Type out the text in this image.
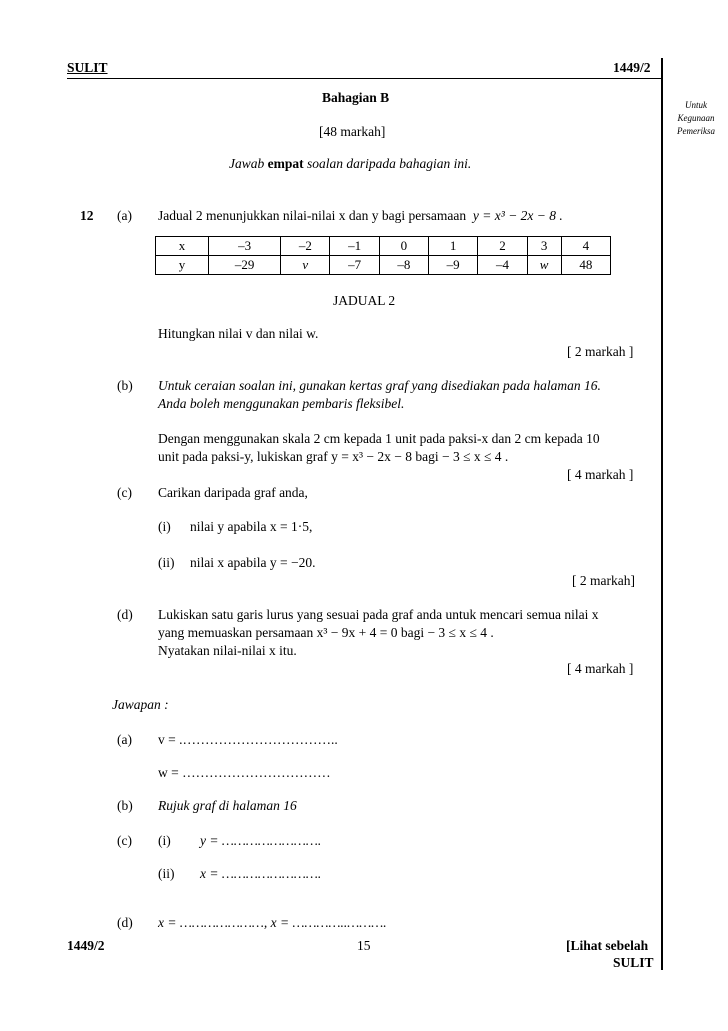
SULIT	1449/2
Untuk
Kegunaan
Pemeriksa
Bahagian B
[48 markah]
Jawab empat soalan daripada bahagian ini.
12 (a) Jadual 2 menunjukkan nilai-nilai x dan y bagi persamaan y = x³ − 2x − 8 .
x	–3	–2	–1	0	1	2	3	4
y	–29	v	–7	–8	–9	–4	w	48
JADUAL 2
Hitungkan nilai v dan nilai w.
[ 2 markah ]
(b) Untuk ceraian soalan ini, gunakan kertas graf yang disediakan pada halaman 16.
Anda boleh menggunakan pembaris fleksibel.
Dengan menggunakan skala 2 cm kepada 1 unit pada paksi-x dan 2 cm kepada 10
unit pada paksi-y, lukiskan graf y = x³ − 2x − 8 bagi − 3 ≤ x ≤ 4 .
[ 4 markah ]
(c) Carikan daripada graf anda,
(i) nilai y apabila x = 1·5,
(ii) nilai x apabila y = −20.
[ 2 markah]
(d) Lukiskan satu garis lurus yang sesuai pada graf anda untuk mencari semua nilai x
yang memuaskan persamaan x³ − 9x + 4 = 0 bagi − 3 ≤ x ≤ 4 .
Nyatakan nilai-nilai x itu.
[ 4 markah ]
Jawapan :
(a) v = .……………………………..
w = ……………………………
(b) Rujuk graf di halaman 16
(c) (i) y = …………………….
(ii) x = …………………….
(d) x = …………………, x = …………..……….
1449/2	15	[Lihat sebelah
SULIT
